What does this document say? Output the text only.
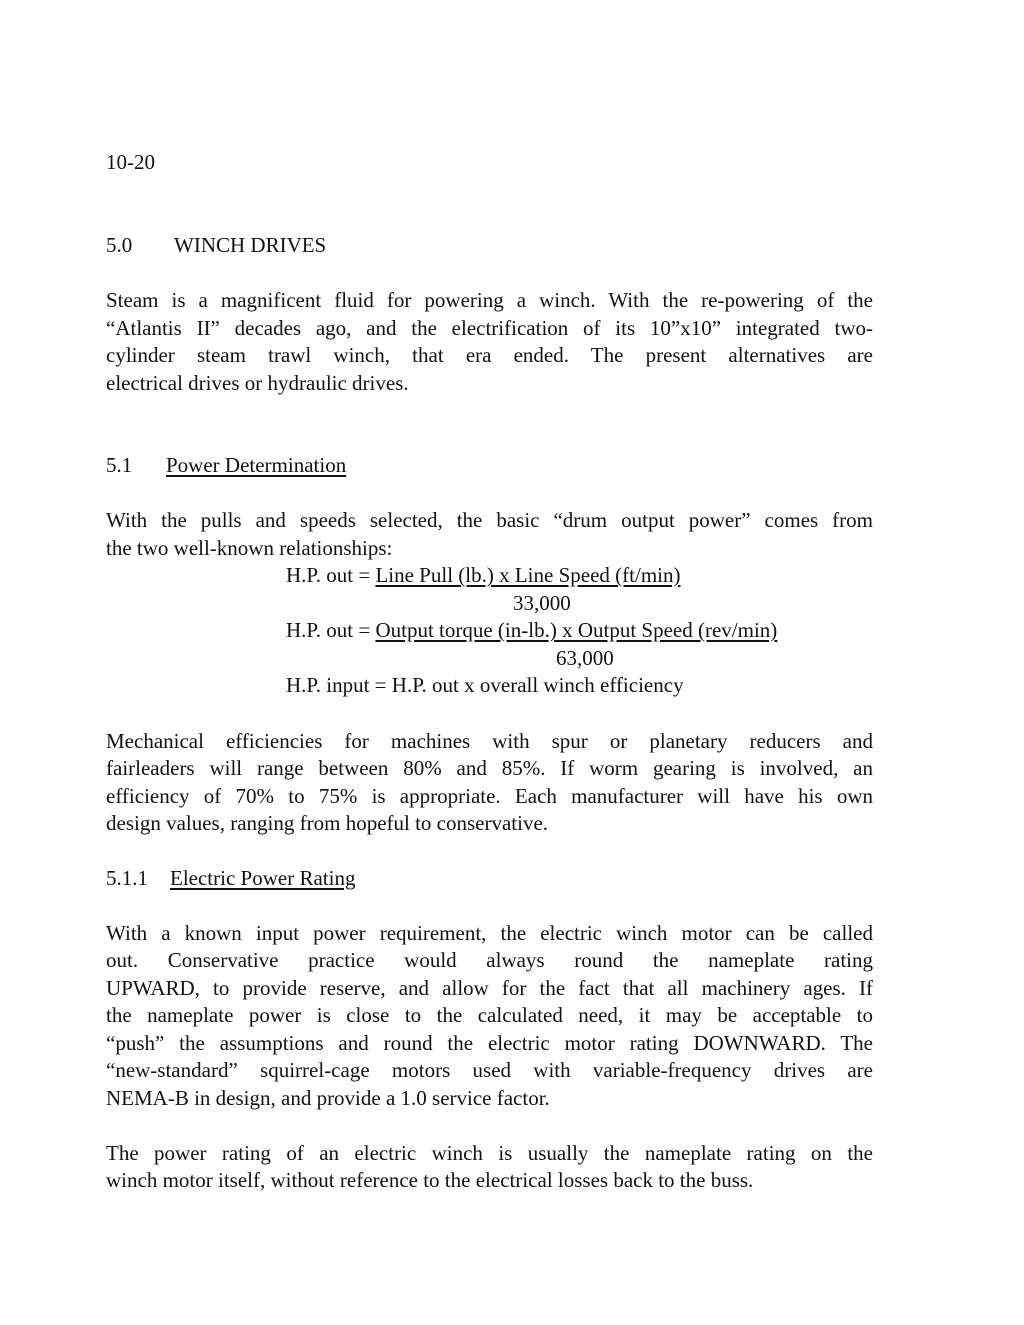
10-20
5.0 WINCH DRIVES
Steam is a magnificent fluid for powering a winch. With the re-powering of the
“Atlantis II” decades ago, and the electrification of its 10”x10” integrated two-
cylinder steam trawl winch, that era ended. The present alternatives are
electrical drives or hydraulic drives.
5.1 Power Determination
With the pulls and speeds selected, the basic “drum output power” comes from
the two well-known relationships:
H.P. out = Line Pull (lb.) x Line Speed (ft/min)
33,000
H.P. out = Output torque (in-lb.) x Output Speed (rev/min)
63,000
H.P. input = H.P. out x overall winch efficiency
Mechanical efficiencies for machines with spur or planetary reducers and
fairleaders will range between 80% and 85%. If worm gearing is involved, an
efficiency of 70% to 75% is appropriate. Each manufacturer will have his own
design values, ranging from hopeful to conservative.
5.1.1 Electric Power Rating
With a known input power requirement, the electric winch motor can be called
out. Conservative practice would always round the nameplate rating
UPWARD, to provide reserve, and allow for the fact that all machinery ages. If
the nameplate power is close to the calculated need, it may be acceptable to
“push” the assumptions and round the electric motor rating DOWNWARD. The
“new-standard” squirrel-cage motors used with variable-frequency drives are
NEMA-B in design, and provide a 1.0 service factor.
The power rating of an electric winch is usually the nameplate rating on the
winch motor itself, without reference to the electrical losses back to the buss.
